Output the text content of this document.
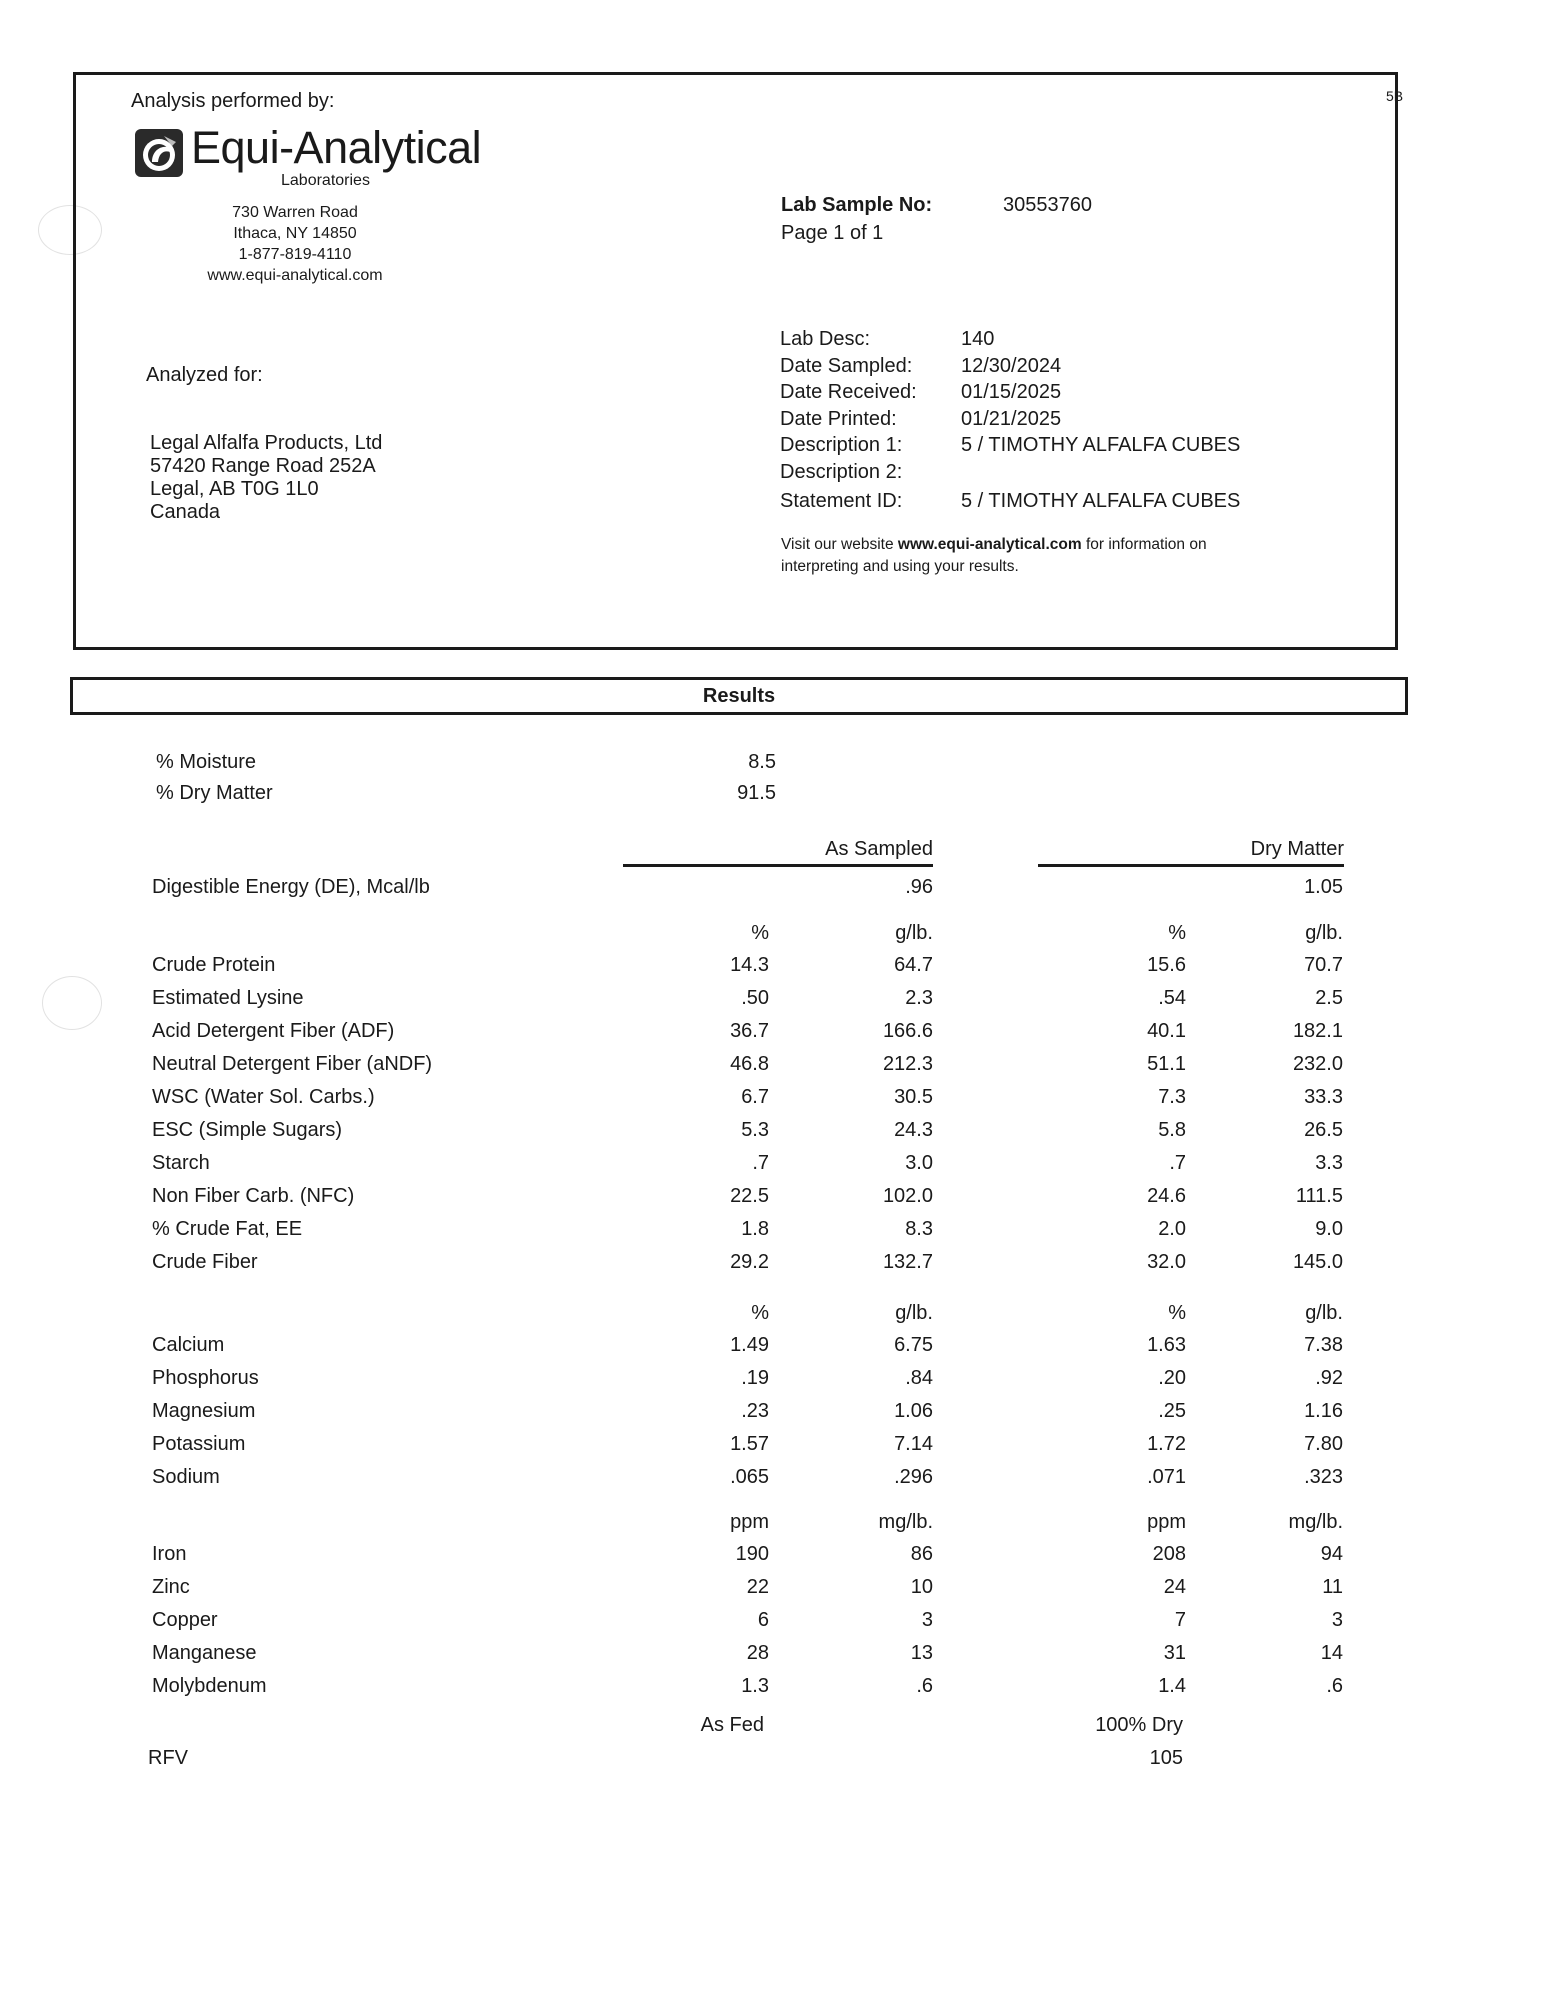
5B
Analysis performed by:
Equi-Analytical
Laboratories
730 Warren Road
Ithaca, NY 14850
1-877-819-4110
www.equi-analytical.com
Lab Sample No:	30553760
Page 1 of 1
Analyzed for:
Legal Alfalfa Products, Ltd
57420 Range Road 252A
Legal, AB T0G 1L0
Canada
Lab Desc:	140
Date Sampled: 12/30/2024
Date Received: 01/15/2025
Date Printed:	01/21/2025
Description 1:	5 / TIMOTHY ALFALFA CUBES
Description 2:
Statement ID:	5 / TIMOTHY ALFALFA CUBES
Visit our website www.equi-analytical.com for information on
interpreting and using your results.
Results
% Moisture	8.5
% Dry Matter	91.5
As Sampled	Dry Matter
Digestible Energy (DE), Mcal/lb	.96	1.05
%	g/lb.	%	g/lb.
Crude Protein	14.3	64.7	15.6	70.7
Estimated Lysine	.50	2.3	.54	2.5
Acid Detergent Fiber (ADF)	36.7	166.6	40.1	182.1
Neutral Detergent Fiber (aNDF)	46.8	212.3	51.1	232.0
WSC (Water Sol. Carbs.)	6.7	30.5	7.3	33.3
ESC (Simple Sugars)	5.3	24.3	5.8	26.5
Starch	.7	3.0	.7	3.3
Non Fiber Carb. (NFC)	22.5	102.0	24.6	111.5
% Crude Fat, EE	1.8	8.3	2.0	9.0
Crude Fiber	29.2	132.7	32.0	145.0
%	g/lb.	%	g/lb.
Calcium	1.49	6.75	1.63	7.38
Phosphorus	.19	.84	.20	.92
Magnesium	.23	1.06	.25	1.16
Potassium	1.57	7.14	1.72	7.80
Sodium	.065	.296	.071	.323
ppm	mg/lb.	ppm	mg/lb.
Iron	190	86	208	94
Zinc	22	10	24	11
Copper	6	3	7	3
Manganese	28	13	31	14
Molybdenum	1.3	.6	1.4	.6
As Fed	100% Dry
RFV	105
